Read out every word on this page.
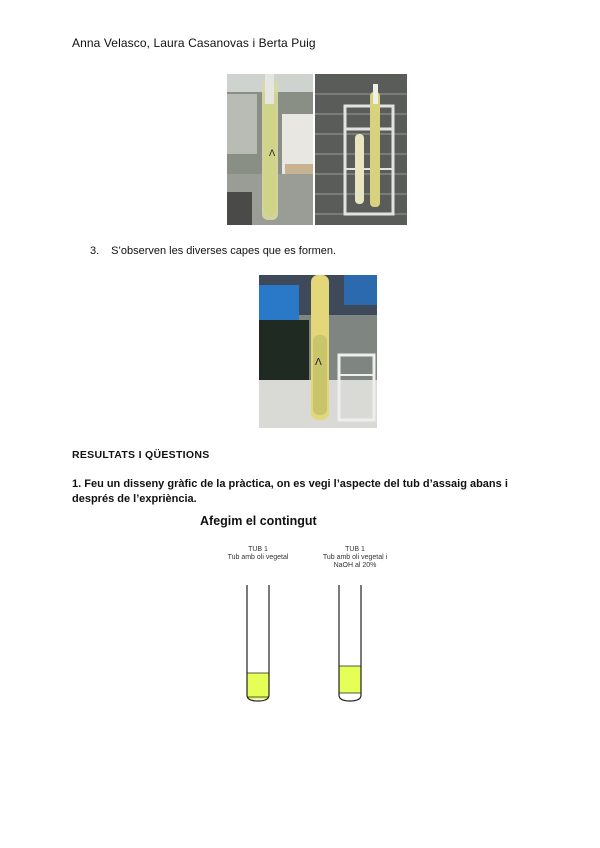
Anna Velasco, Laura Casanovas i Berta Puig
Λ
3. S’observen les diverses capes que es formen.
Λ
RESULTATS I QÜESTIONS
1. Feu un disseny gràfic de la pràctica, on es vegi l’aspecte del tub d’assaig abans i després de l’expriència.
Afegim el contingut
TUB 1
Tub amb oli vegetal
TUB 1
Tub amb oli vegetal i
NaOH al 20%
